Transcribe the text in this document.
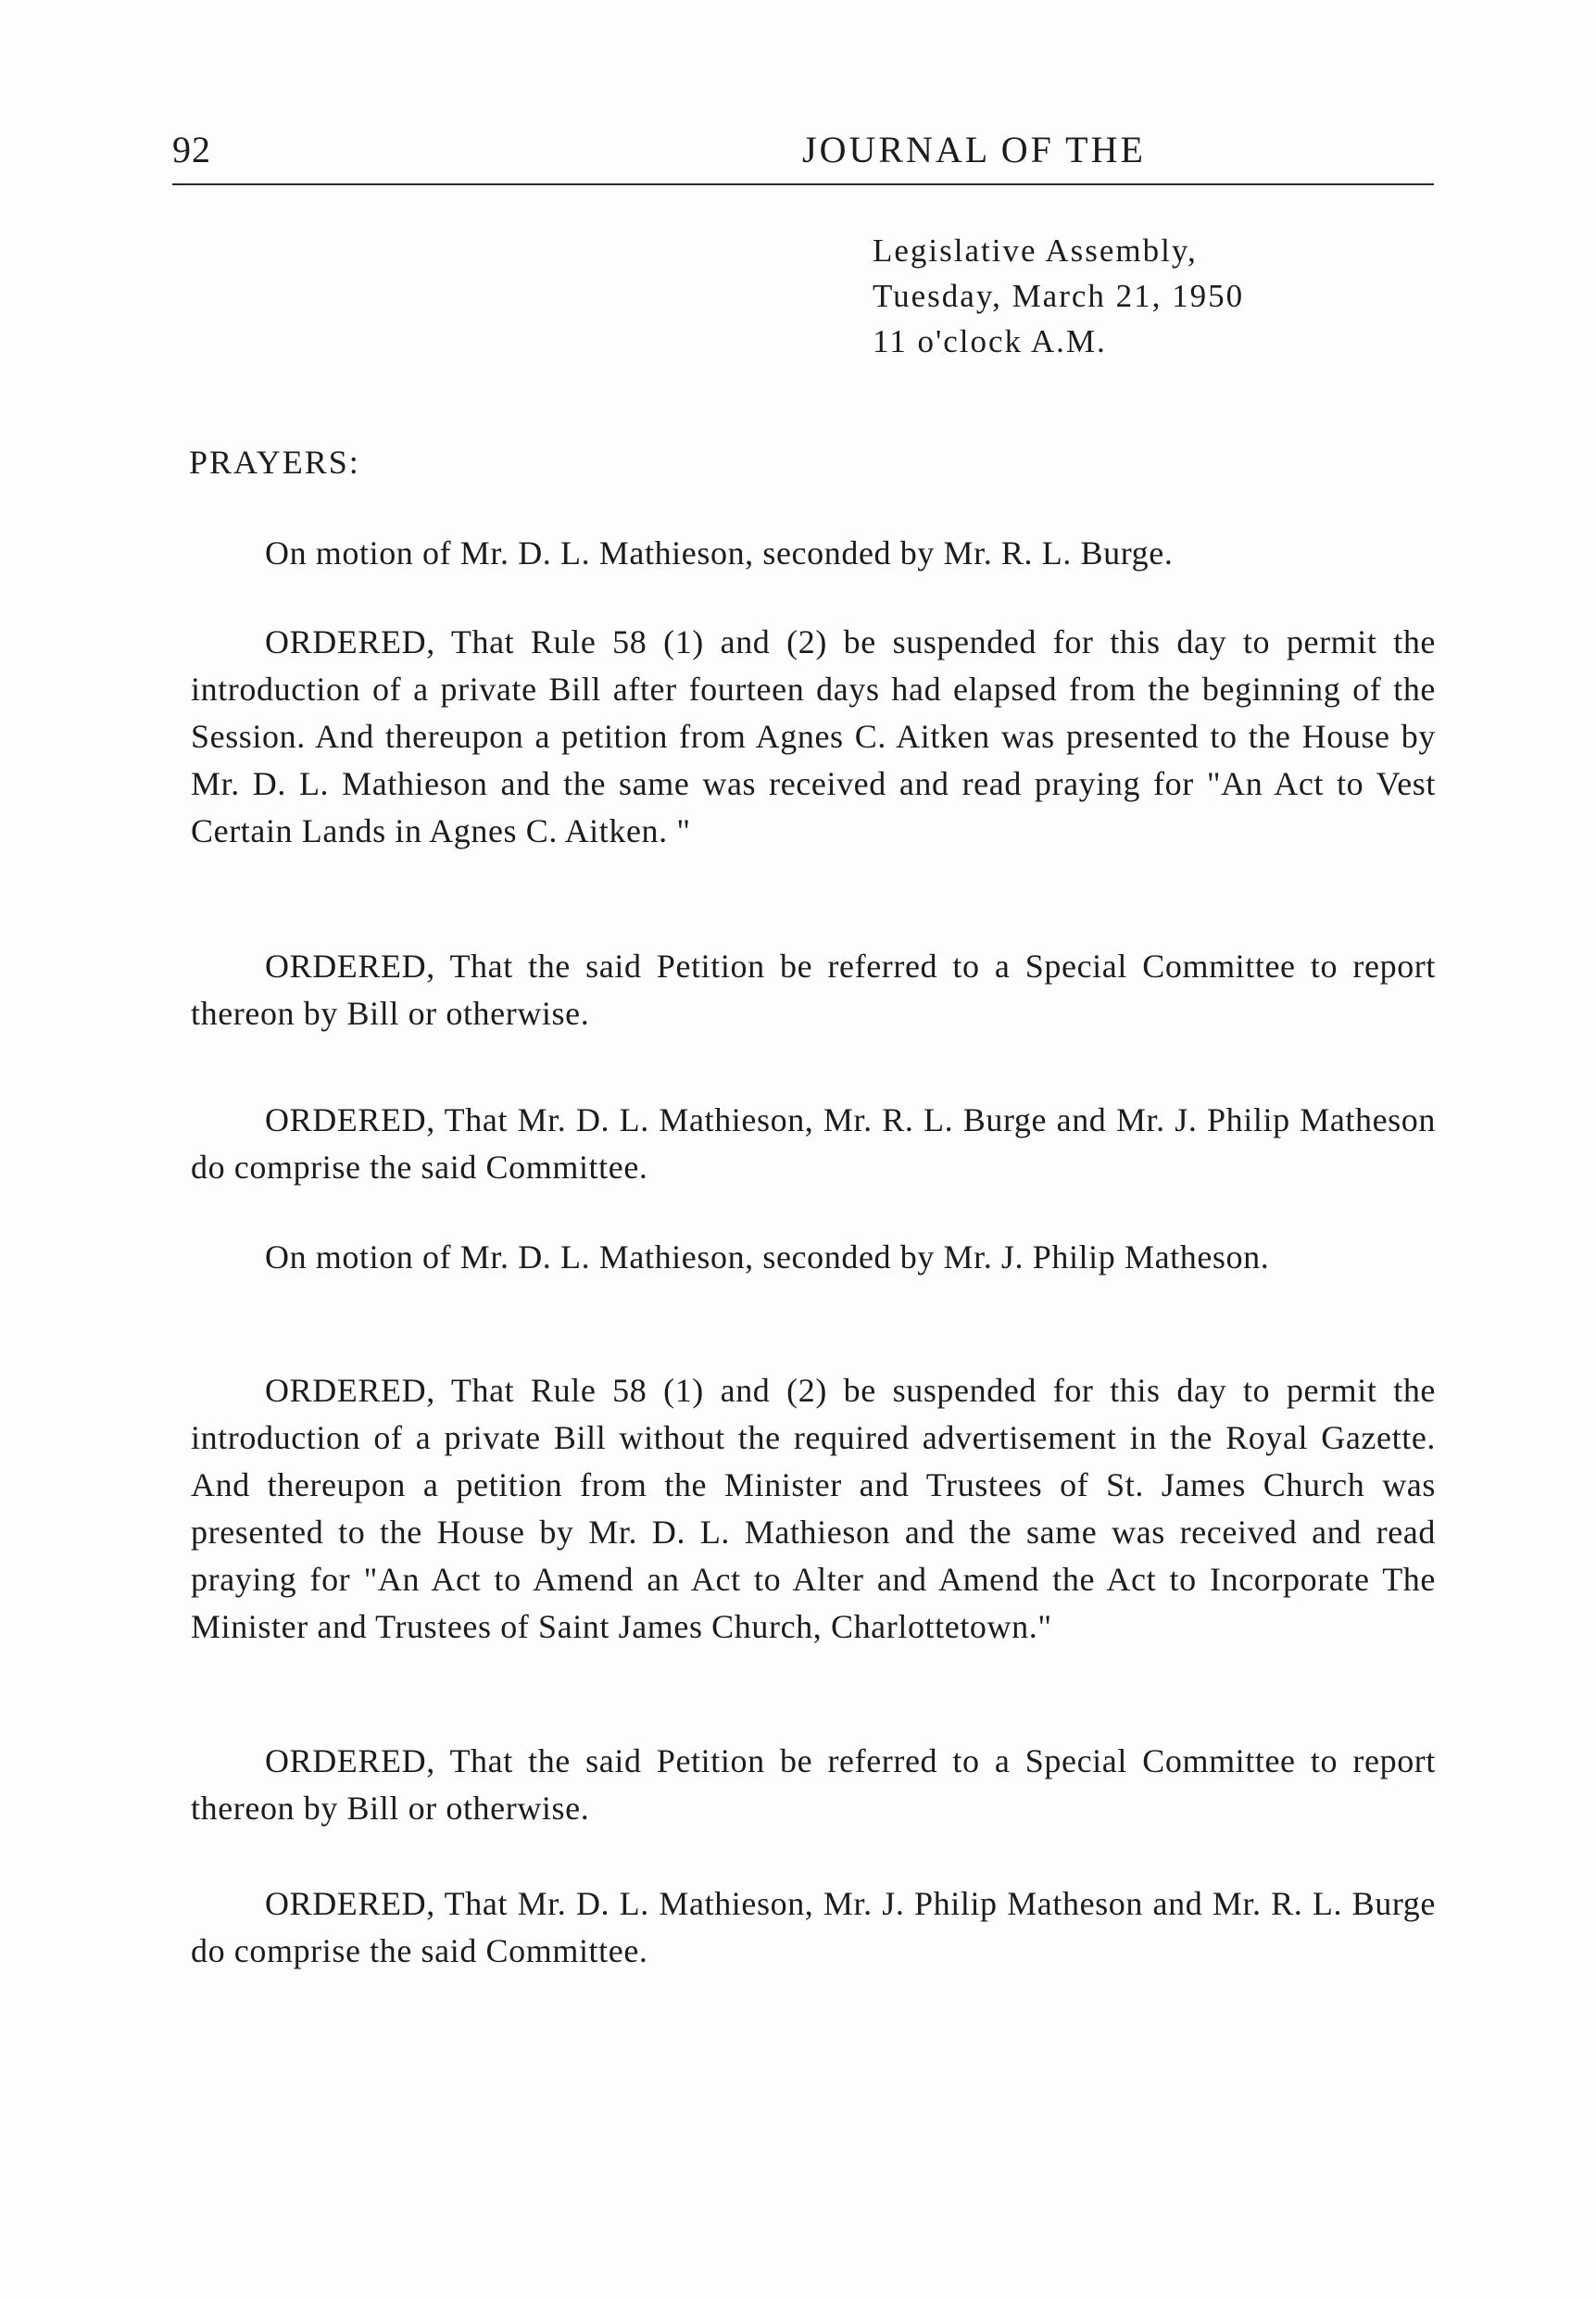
92	JOURNAL OF THE
Legislative Assembly,
Tuesday, March 21, 1950
11 o'clock A.M.
PRAYERS:

On motion of Mr. D. L. Mathieson, seconded by Mr. R. L. Burge.

ORDERED, That Rule 58 (1) and (2) be suspended for this day to permit the introduction of a private Bill after fourteen days had elapsed from the beginning of the Session. And thereupon a petition from Agnes C. Aitken was presented to the House by Mr. D. L. Mathieson and the same was received and read praying for "An Act to Vest Certain Lands in Agnes C. Aitken. "

ORDERED, That the said Petition be referred to a Special Committee to report thereon by Bill or otherwise.

ORDERED, That Mr. D. L. Mathieson, Mr. R. L. Burge and Mr. J. Philip Matheson do comprise the said Committee.

On motion of Mr. D. L. Mathieson, seconded by Mr. J. Philip Matheson.

ORDERED, That Rule 58 (1) and (2) be suspended for this day to permit the introduction of a private Bill without the required advertisement in the Royal Gazette. And thereupon a petition from the Minister and Trustees of St. James Church was presented to the House by Mr. D. L. Mathieson and the same was received and read praying for "An Act to Amend an Act to Alter and Amend the Act to Incorporate The Minister and Trustees of Saint James Church, Charlottetown."

ORDERED, That the said Petition be referred to a Special Committee to report thereon by Bill or otherwise.

ORDERED, That Mr. D. L. Mathieson, Mr. J. Philip Matheson and Mr. R. L. Burge do comprise the said Committee.
